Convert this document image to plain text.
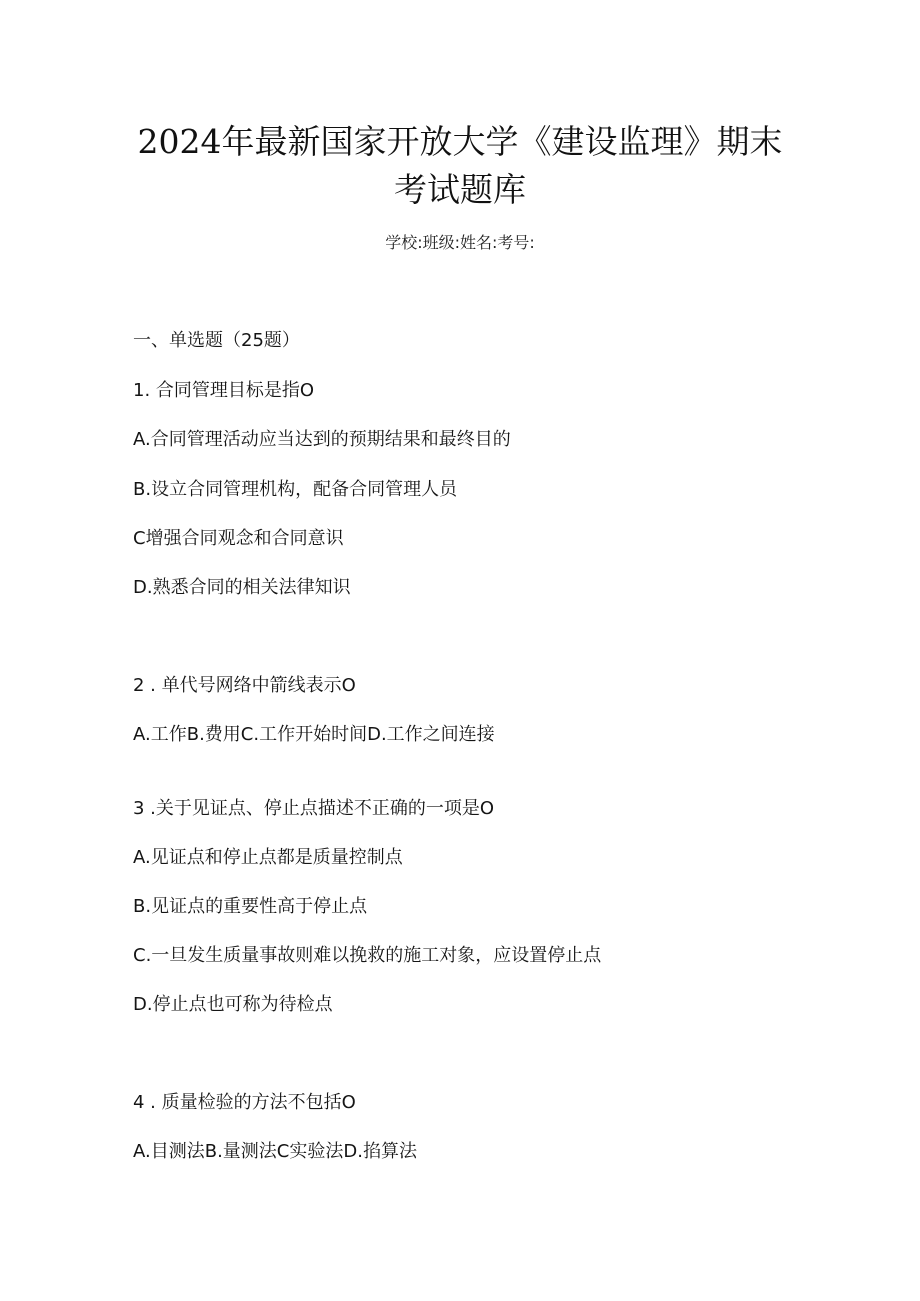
2024年最新国家开放大学《建设监理》期末
考试题库
学校:班级:姓名:考号:
一、单选题（25题）
1. 合同管理目标是指O
A.合同管理活动应当达到的预期结果和最终目的
B.设立合同管理机构，配备合同管理人员
C增强合同观念和合同意识
D.熟悉合同的相关法律知识
2 . 单代号网络中箭线表示O
A.工作B.费用C.工作开始时间D.工作之间连接
3 .关于见证点、停止点描述不正确的一项是O
A.见证点和停止点都是质量控制点
B.见证点的重要性高于停止点
C.一旦发生质量事故则难以挽救的施工对象，应设置停止点
D.停止点也可称为待检点
4 . 质量检验的方法不包括O
A.目测法B.量测法C实验法D.掐算法
